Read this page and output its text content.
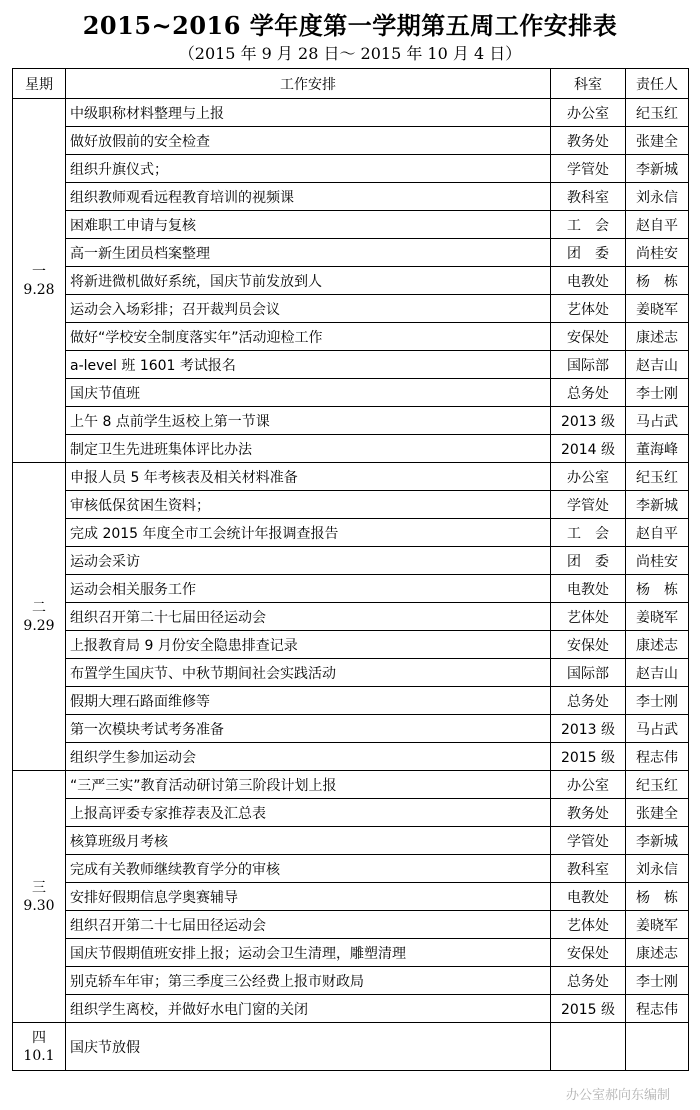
2015~2016 学年度第一学期第五周工作安排表
（2015 年 9 月 28 日～ 2015 年 10 月 4 日）
星期	工作安排	科室	责任人

一
9.28	中级职称材料整理与上报	办公室	纪玉红
	做好放假前的安全检查	教务处	张建全
	组织升旗仪式；	学管处	李新城
	组织教师观看远程教育培训的视频课	教科室	刘永信
	困难职工申请与复核	工　会	赵自平
	高一新生团员档案整理	团　委	尚桂安
	将新进微机做好系统，国庆节前发放到人	电教处	杨　栋
	运动会入场彩排；召开裁判员会议	艺体处	姜晓军
	做好“学校安全制度落实年”活动迎检工作	安保处	康述志
	a-level 班 1601 考试报名	国际部	赵吉山
	国庆节值班	总务处	李士刚
	上午 8 点前学生返校上第一节课	2013 级	马占武
	制定卫生先进班集体评比办法	2014 级	董海峰

二
9.29	申报人员 5 年考核表及相关材料准备	办公室	纪玉红
	审核低保贫困生资料；	学管处	李新城
	完成 2015 年度全市工会统计年报调查报告	工　会	赵自平
	运动会采访	团　委	尚桂安
	运动会相关服务工作	电教处	杨　栋
	组织召开第二十七届田径运动会	艺体处	姜晓军
	上报教育局 9 月份安全隐患排查记录	安保处	康述志
	布置学生国庆节、中秋节期间社会实践活动	国际部	赵吉山
	假期大理石路面维修等	总务处	李士刚
	第一次模块考试考务准备	2013 级	马占武
	组织学生参加运动会	2015 级	程志伟

三
9.30	“三严三实”教育活动研讨第三阶段计划上报	办公室	纪玉红
	上报高评委专家推荐表及汇总表	教务处	张建全
	核算班级月考核	学管处	李新城
	完成有关教师继续教育学分的审核	教科室	刘永信
	安排好假期信息学奥赛辅导	电教处	杨　栋
	组织召开第二十七届田径运动会	艺体处	姜晓军
	国庆节假期值班安排上报；运动会卫生清理，雕塑清理	安保处	康述志
	别克轿车年审；第三季度三公经费上报市财政局	总务处	李士刚
	组织学生离校，并做好水电门窗的关闭	2015 级	程志伟

四
10.1	国庆节放假		
办公室郝向东编制
